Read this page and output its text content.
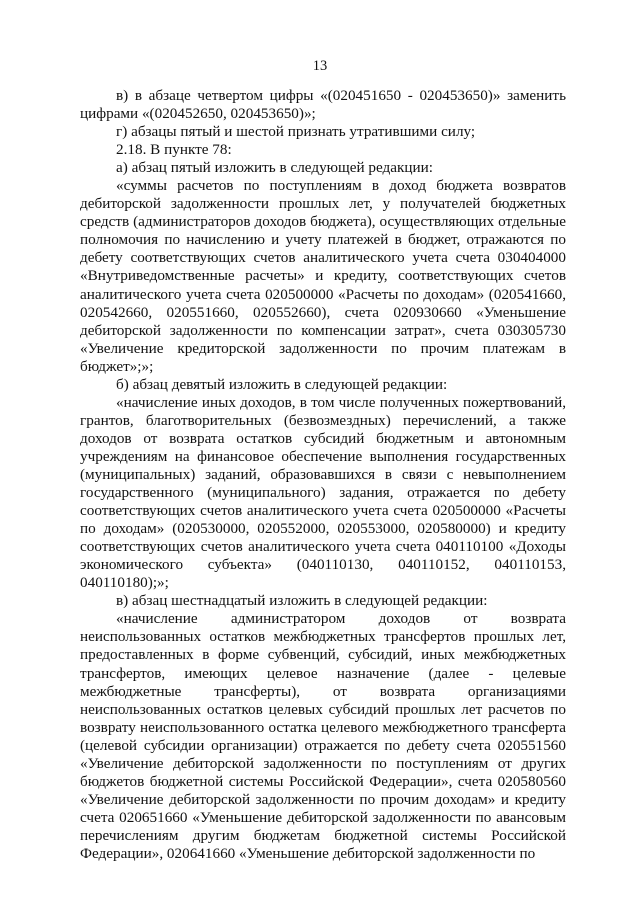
13

в) в абзаце четвертом цифры «(020451650 - 020453650)» заменить цифрами «(020452650, 020453650)»;

г) абзацы пятый и шестой признать утратившими силу;

2.18. В пункте 78:

а) абзац пятый изложить в следующей редакции:

«суммы расчетов по поступлениям в доход бюджета возвратов дебиторской задолженности прошлых лет, у получателей бюджетных средств (администраторов доходов бюджета), осуществляющих отдельные полномочия по начислению и учету платежей в бюджет, отражаются по дебету соответствующих счетов аналитического учета счета 030404000 «Внутриведомственные расчеты» и кредиту, соответствующих счетов аналитического учета счета 020500000 «Расчеты по доходам» (020541660, 020542660, 020551660, 020552660), счета 020930660 «Уменьшение дебиторской задолженности по компенсации затрат», счета 030305730 «Увеличение кредиторской задолженности по прочим платежам в бюджет»;»;

б) абзац девятый изложить в следующей редакции:

«начисление иных доходов, в том числе полученных пожертвований, грантов, благотворительных (безвозмездных) перечислений, а также доходов от возврата остатков субсидий бюджетным и автономным учреждениям на финансовое обеспечение выполнения государственных (муниципальных) заданий, образовавшихся в связи с невыполнением государственного (муниципального) задания, отражается по дебету соответствующих счетов аналитического учета счета 020500000 «Расчеты по доходам» (020530000, 020552000, 020553000, 020580000) и кредиту соответствующих счетов аналитического учета счета 040110100 «Доходы экономического субъекта» (040110130, 040110152, 040110153, 040110180);»;

в) абзац шестнадцатый изложить в следующей редакции:

«начисление администратором доходов от возврата неиспользованных остатков межбюджетных трансфертов прошлых лет, предоставленных в форме субвенций, субсидий, иных межбюджетных трансфертов, имеющих целевое назначение (далее - целевые межбюджетные трансферты), от возврата организациями неиспользованных остатков целевых субсидий прошлых лет расчетов по возврату неиспользованного остатка целевого межбюджетного трансферта (целевой субсидии организации) отражается по дебету счета 020551560 «Увеличение дебиторской задолженности по поступлениям от других бюджетов бюджетной системы Российской Федерации», счета 020580560 «Увеличение дебиторской задолженности по прочим доходам» и кредиту счета 020651660 «Уменьшение дебиторской задолженности по авансовым перечислениям другим бюджетам бюджетной системы Российской Федерации», 020641660 «Уменьшение дебиторской задолженности по
